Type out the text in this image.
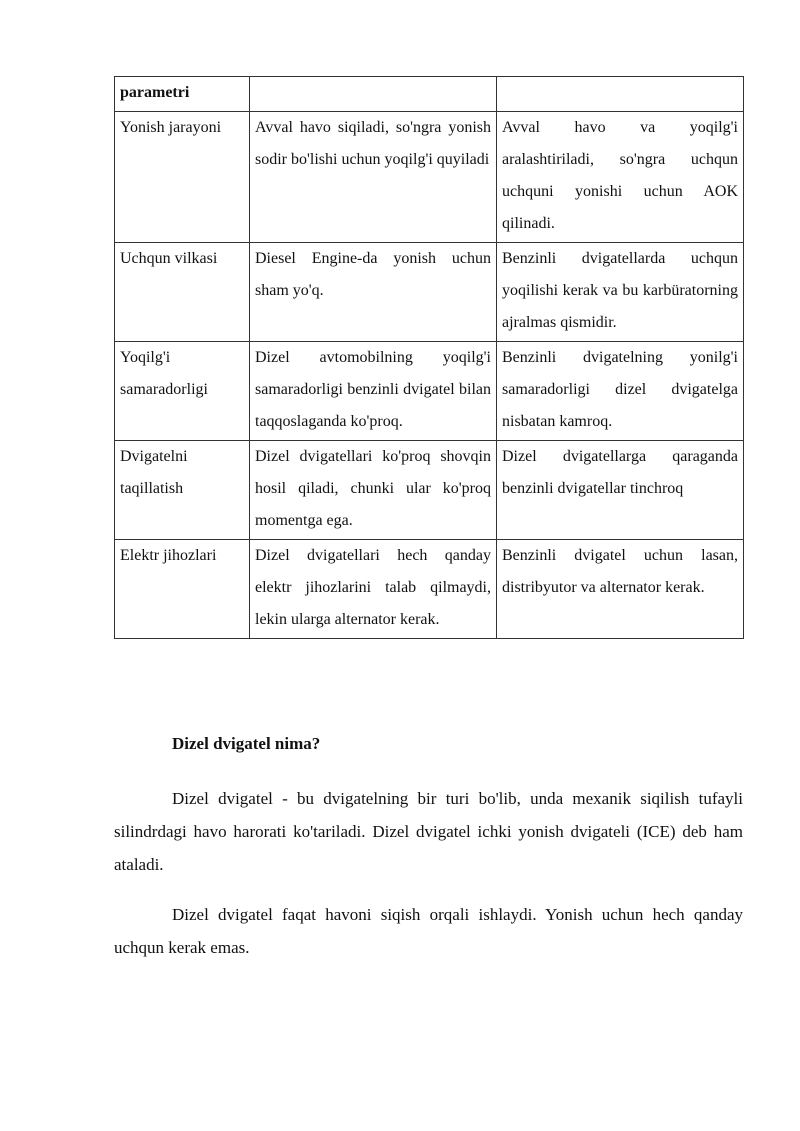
parametri		
Yonish jarayoni	Avval havo siqiladi, so'ngra yonish sodir bo'lishi uchun yoqilg'i quyiladi	Avval havo va yoqilg'i aralashtiriladi, so'ngra uchqun uchquni yonishi uchun AOK qilinadi.
Uchqun vilkasi	Diesel Engine-da yonish uchun sham yo'q.	Benzinli dvigatellarda uchqun yoqilishi kerak va bu karbüratorning ajralmas qismidir.
Yoqilg'i samaradorligi	Dizel avtomobilning yoqilg'i samaradorligi benzinli dvigatel bilan taqqoslaganda ko'proq.	Benzinli dvigatelning yonilg'i samaradorligi dizel dvigatelga nisbatan kamroq.
Dvigatelni taqillatish	Dizel dvigatellari ko'proq shovqin hosil qiladi, chunki ular ko'proq momentga ega.	Dizel dvigatellarga qaraganda benzinli dvigatellar tinchroq
Elektr jihozlari	Dizel dvigatellari hech qanday elektr jihozlarini talab qilmaydi, lekin ularga alternator kerak.	Benzinli dvigatel uchun lasan, distribyutor va alternator kerak.
Dizel dvigatel nima?

Dizel dvigatel - bu dvigatelning bir turi bo'lib, unda mexanik siqilish tufayli silindrdagi havo harorati ko'tariladi. Dizel dvigatel ichki yonish dvigateli (ICE) deb ham ataladi.

Dizel dvigatel faqat havoni siqish orqali ishlaydi. Yonish uchun hech qanday uchqun kerak emas.
